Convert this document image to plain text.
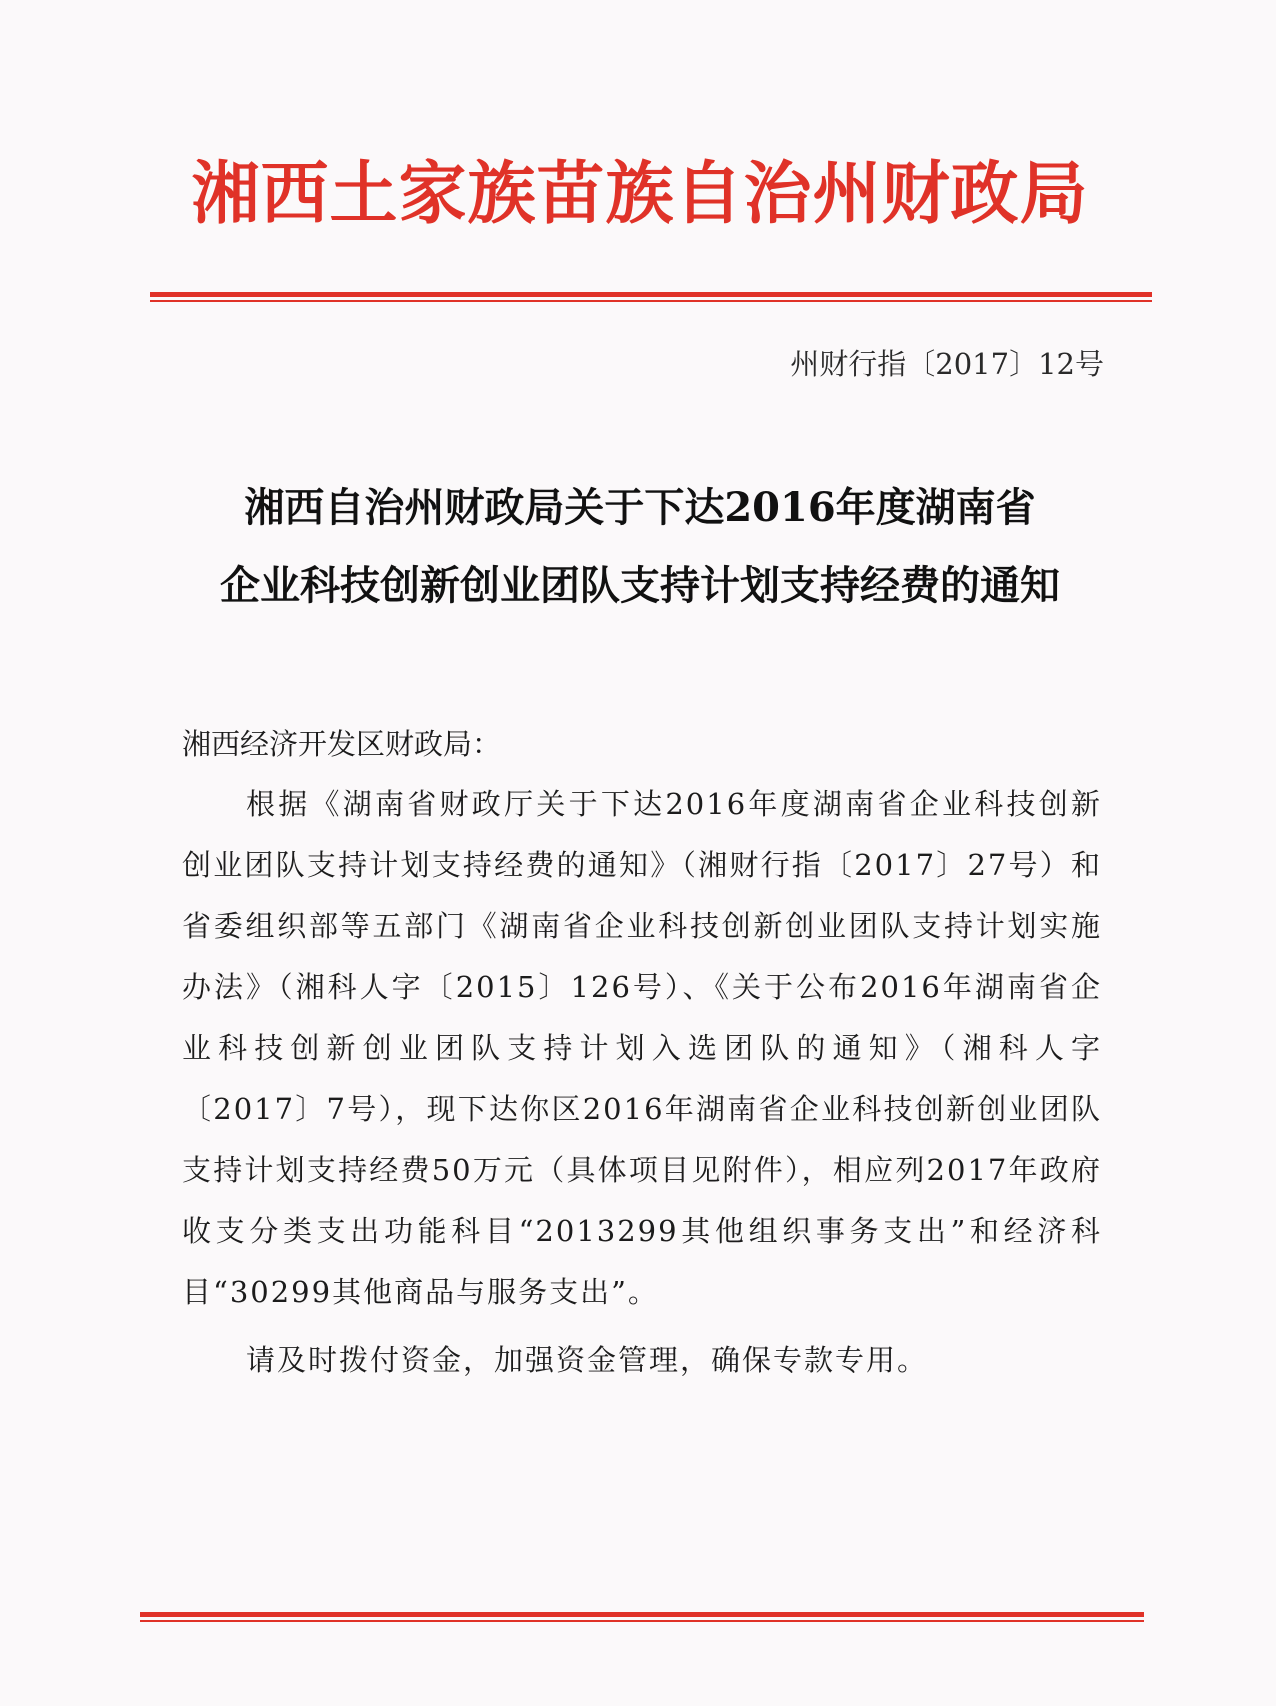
湘西土家族苗族自治州财政局
州财行指〔2017〕12号
湘西自治州财政局关于下达2016年度湖南省
企业科技创新创业团队支持计划支持经费的通知
湘西经济开发区财政局：

根据《湖南省财政厅关于下达2016年度湖南省企业科技创新创业团队支持计划支持经费的通知》（湘财行指〔2017〕27号）和省委组织部等五部门《湖南省企业科技创新创业团队支持计划实施办法》（湘科人字〔2015〕126号）、《关于公布2016年湖南省企业科技创新创业团队支持计划入选团队的通知》（湘科人字〔2017〕7号），现下达你区2016年湖南省企业科技创新创业团队支持计划支持经费50万元（具体项目见附件），相应列2017年政府收支分类支出功能科目“2013299其他组织事务支出”和经济科目“30299其他商品与服务支出”。

请及时拨付资金，加强资金管理，确保专款专用。
